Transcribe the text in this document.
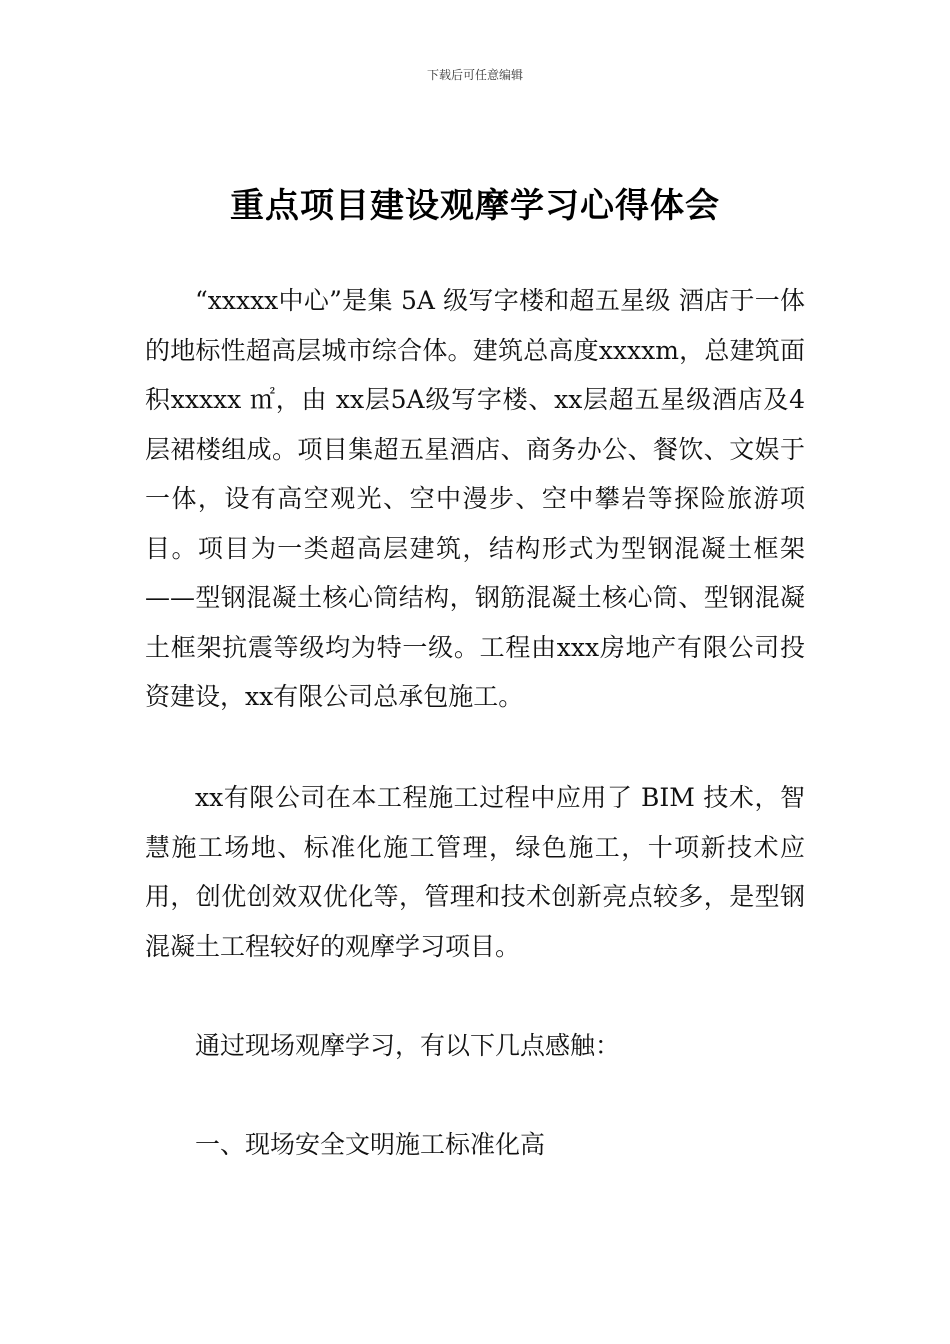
下载后可任意编辑
重点项目建设观摩学习心得体会

“xxxxx中心”是集 5A 级写字楼和超五星级 酒店于一体的地标性超高层城市综合体。建筑总高度xxxxm，总建筑面积xxxxx ㎡，由 xx层5A级写字楼、xx层超五星级酒店及4层裙楼组成。项目集超五星酒店、商务办公、餐饮、文娱于一体，设有高空观光、空中漫步、空中攀岩等探险旅游项目。项目为一类超高层建筑，结构形式为型钢混凝土框架——型钢混凝土核心筒结构，钢筋混凝土核心筒、型钢混凝土框架抗震等级均为特一级。工程由xxx房地产有限公司投资建设，xx有限公司总承包施工。

xx有限公司在本工程施工过程中应用了 BIM 技术，智慧施工场地、标准化施工管理，绿色施工，十项新技术应用，创优创效双优化等，管理和技术创新亮点较多，是型钢混凝土工程较好的观摩学习项目。

通过现场观摩学习，有以下几点感触：

一、现场安全文明施工标准化高
